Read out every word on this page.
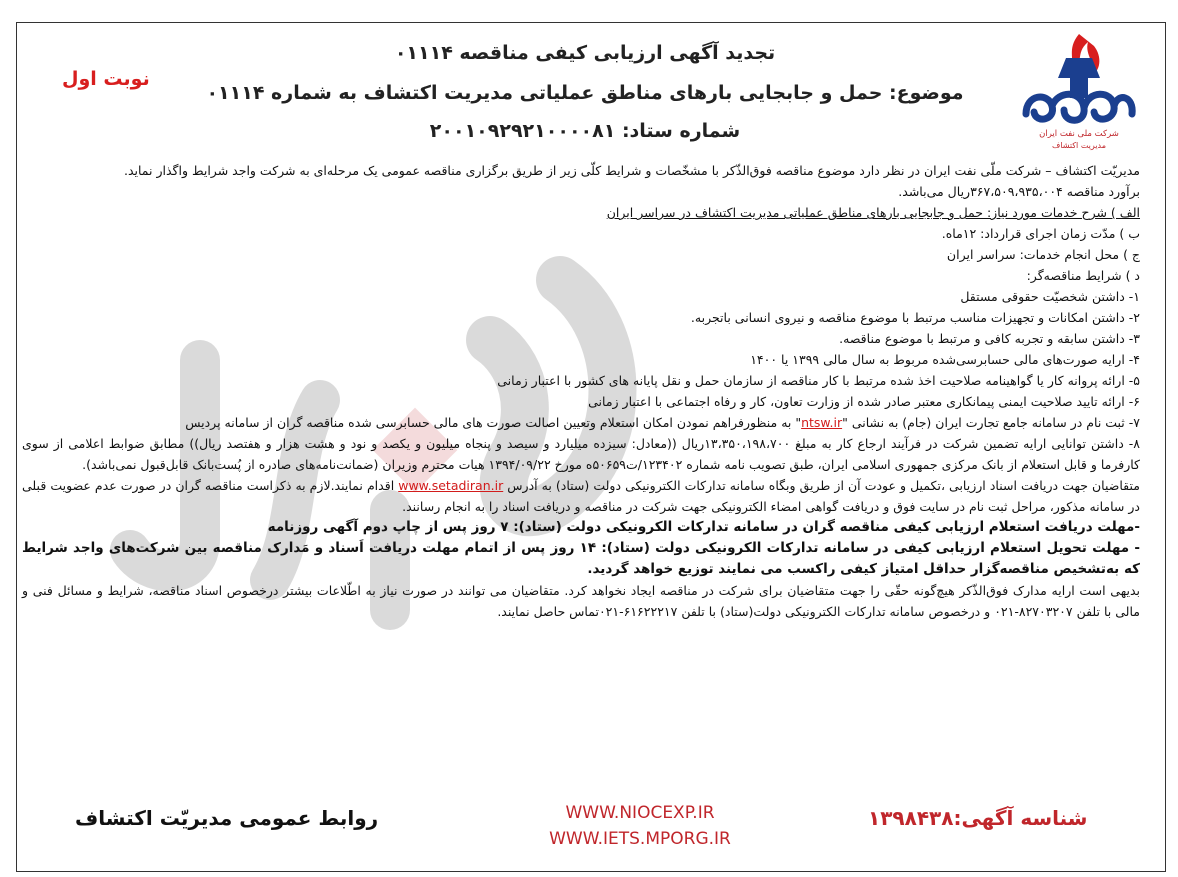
شرکت ملی نفت ایران
مدیریت اکتشاف
نوبت اول
تجدید آگهی ارزیابی کیفی مناقصه ۰۱۱۱۴
موضوع: حمل و جابجایی بارهای مناطق عملیاتی مدیریت اکتشاف به شماره ۰۱۱۱۴
شماره ستاد: ۲۰۰۱۰۹۲۹۲۱۰۰۰۰۸۱

مدیریّت اکتشاف – شرکت ملّی نفت ایران در نظر دارد موضوع مناقصه فوق‌الذّکر با مشخّصات و شرایط کلّی زیر از طریق برگزاری مناقصه عمومی یک مرحله‌ای به شرکت واجد شرایط واگذار نماید.

برآورد مناقصه ۳۶۷،۵۰۹،۹۳۵،۰۰۴ریال می‌باشد.

الف ) شرح خدمات مورد نیاز: حمل و جابجایی بارهای مناطق عملیاتی مدیریت اکتشاف در سراسر ایران

ب ) مدّت زمان اجرای قرارداد: ۱۲ماه.

ج ) محل انجام خدمات: سراسر ایران

د ) شرایط مناقصه‌گر:

۱- داشتن شخصیّت حقوقی مستقل

۲- داشتن امکانات و تجهیزات مناسب مرتبط با موضوع مناقصه و نیروی انسانی باتجربه.

۳- داشتن سابقه و تجربه کافی و مرتبط با موضوع مناقصه.

۴- ارایه صورت‌های مالی حسابرسی‌شده مربوط به سال مالی ۱۳۹۹ یا ۱۴۰۰

۵- ارائه پروانه کار یا گواهینامه صلاحیت اخذ شده مرتبط با کار مناقصه از سازمان حمل و نقل پایانه های کشور با اعتبار زمانی

۶- ارائه تایید صلاحیت ایمنی پیمانکاری معتبر صادر شده از وزارت تعاون، کار و رفاه اجتماعی با اعتبار زمانی

۷- ثبت نام در سامانه جامع تجارت ایران (جام) به نشانی "ntsw.ir" به منظورفراهم نمودن امکان استعلام وتعیین اصالت صورت های مالی حسابرسی شده مناقصه گران از سامانه پردیس

۸- داشتن توانایی ارایه تضمین شرکت در فرآیند ارجاع کار به مبلغ ۱۳،۳۵۰،۱۹۸،۷۰۰ریال ((معادل: سیزده میلیارد و سیصد و پنجاه میلیون و یکصد و نود و هشت هزار و هفتصد ریال)) مطابق ضوابط اعلامی از سوی کارفرما و قابل استعلام از بانک مرکزی جمهوری اسلامی ایران، طبق تصویب نامه شماره ۱۲۳۴۰۲/ت۵۰۶۵۹ه مورخ ۱۳۹۴/۰۹/۲۲ هیات محترم وزیران (ضمانت‌نامه‌های صادره از پُست‌بانک قابل‌قبول نمی‌باشد).

متقاضیان جهت دریافت اسناد ارزیابی ،تکمیل و عودت آن از طریق وبگاه سامانه تدارکات الکترونیکی دولت (ستاد) به آدرس www.setadiran.ir اقدام نمایند.لازم به ذکراست مناقصه گران در صورت عدم عضویت قبلی در سامانه مذکور، مراحل ثبت نام در سایت فوق و دریافت گواهی امضاء الکترونیکی جهت شرکت در مناقصه و دریافت اسناد را به انجام رسانند.

-مهلت دریافت استعلام ارزیابی کیفی مناقصه گران در سامانه تدارکات الکرونیکی دولت (ستاد): ۷ روز پس از چاپ دوم آگهی روزنامه

- مهلت تحویل استعلام ارزیابی کیفی در سامانه تدارکات الکرونیکی دولت (ستاد): ۱۴ روز پس از اتمام مهلت دریافت اَسناد و مَدارک مناقصه بین شرکت‌های واجد شرایط که به‌تشخیص مناقصه‌گزار حداقل امتیاز کیفی راکسب می نمایند توزیع خواهد گردید.

بدیهی است ارایه مدارک فوق‌الذّکر هیچ‌گونه حقّی را جهت متقاضیان برای شرکت در مناقصه ایجاد نخواهد کرد. متقاضیان می توانند در صورت نیاز به اطّلاعات بیشتر درخصوص اسناد مناقصه، شرایط و مسائل فنی و مالی با تلفن ۸۲۷۰۳۲۰۷-۰۲۱ و درخصوص سامانه تدارکات الکترونیکی دولت(ستاد) با تلفن ۶۱۶۲۲۲۱۷-۰۲۱تماس حاصل نمایند.

روابط عمومی مدیریّت اکتشاف	WWW.NIOCEXP.IR
WWW.IETS.MPORG.IR
شناسه آگهی:۱۳۹۸۴۳۸
